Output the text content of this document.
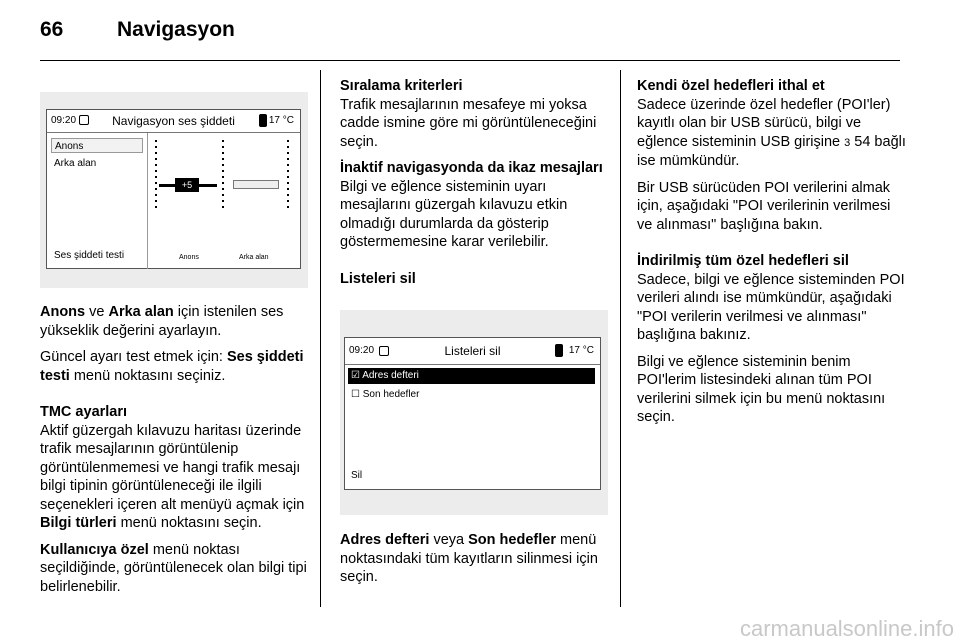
66	Navigasyon
09:20	Navigasyon ses şiddeti	17 °C
Anons
Arka alan
Ses şiddeti testi
+5
Anons	Arka alan

Anons ve Arka alan için istenilen ses yükseklik değerini ayarlayın.

Güncel ayarı test etmek için: Ses şiddeti testi menü noktasını seçiniz.

TMC ayarları

Aktif güzergah kılavuzu haritası üzerinde trafik mesajlarının görüntülenip görüntülenmemesi ve hangi trafik mesajı bilgi tipinin görüntüleneceği ile ilgili seçenekleri içeren alt menüyü açmak için Bilgi türleri menü noktasını seçin.

Kullanıcıya özel menü noktası seçildiğinde, görüntülenecek olan bilgi tipi belirlenebilir.

Sıralama kriterleri

Trafik mesajlarının mesafeye mi yoksa cadde ismine göre mi görüntüleneceğini seçin.

İnaktif navigasyonda da ikaz mesajları

Bilgi ve eğlence sisteminin uyarı mesajlarını güzergah kılavuzu etkin olmadığı durumlarda da gösterip göstermemesine karar verilebilir.

Listeleri sil
09:20	Listeleri sil	17 °C
☑ Adres defteri
☐ Son hedefler
Sil

Adres defteri veya Son hedefler menü noktasındaki tüm kayıtların silinmesi için seçin.

Kendi özel hedefleri ithal et

Sadece üzerinde özel hedefler (POI'ler) kayıtlı olan bir USB sürücü, bilgi ve eğlence sisteminin USB girişine 3 54 bağlı ise mümkündür.

Bir USB sürücüden POI verilerini almak için, aşağıdaki "POI verilerinin verilmesi ve alınması" başlığına bakın.

İndirilmiş tüm özel hedefleri sil

Sadece, bilgi ve eğlence sisteminden POI verileri alındı ise mümkündür, aşağıdaki "POI verilerin verilmesi ve alınması" başlığına bakınız.

Bilgi ve eğlence sisteminin benim POI'lerim listesindeki alınan tüm POI verilerini silmek için bu menü noktasını seçin.

carmanualsonline.info
